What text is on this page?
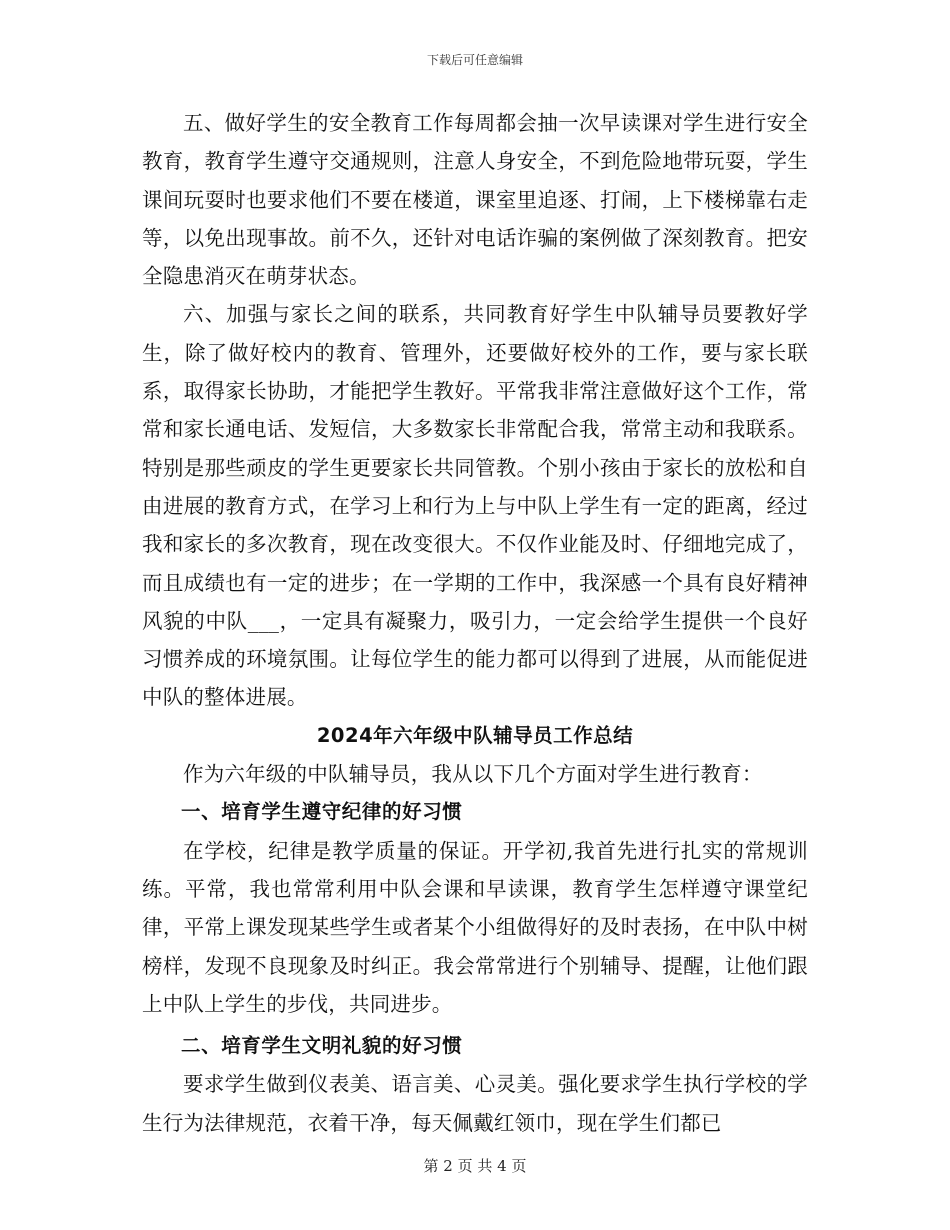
下载后可任意编辑

五、做好学生的安全教育工作每周都会抽一次早读课对学生进行安全教育，教育学生遵守交通规则，注意人身安全，不到危险地带玩耍，学生课间玩耍时也要求他们不要在楼道，课室里追逐、打闹，上下楼梯靠右走等，以免出现事故。前不久，还针对电话诈骗的案例做了深刻教育。把安全隐患消灭在萌芽状态。

六、加强与家长之间的联系，共同教育好学生中队辅导员要教好学生，除了做好校内的教育、管理外，还要做好校外的工作，要与家长联系，取得家长协助，才能把学生教好。平常我非常注意做好这个工作，常常和家长通电话、发短信，大多数家长非常配合我，常常主动和我联系。特别是那些顽皮的学生更要家长共同管教。个别小孩由于家长的放松和自由进展的教育方式，在学习上和行为上与中队上学生有一定的距离，经过我和家长的多次教育，现在改变很大。不仅作业能及时、仔细地完成了，而且成绩也有一定的进步；在一学期的工作中，我深感一个具有良好精神风貌的中队___，一定具有凝聚力，吸引力，一定会给学生提供一个良好习惯养成的环境氛围。让每位学生的能力都可以得到了进展，从而能促进中队的整体进展。

2024年六年级中队辅导员工作总结

作为六年级的中队辅导员，我从以下几个方面对学生进行教育：

一、培育学生遵守纪律的好习惯

在学校，纪律是教学质量的保证。开学初,我首先进行扎实的常规训练。平常，我也常常利用中队会课和早读课，教育学生怎样遵守课堂纪律，平常上课发现某些学生或者某个小组做得好的及时表扬，在中队中树榜样，发现不良现象及时纠正。我会常常进行个别辅导、提醒，让他们跟上中队上学生的步伐，共同进步。

二、培育学生文明礼貌的好习惯

要求学生做到仪表美、语言美、心灵美。强化要求学生执行学校的学生行为法律规范，衣着干净，每天佩戴红领巾，现在学生们都已

第 2 页 共 4 页
